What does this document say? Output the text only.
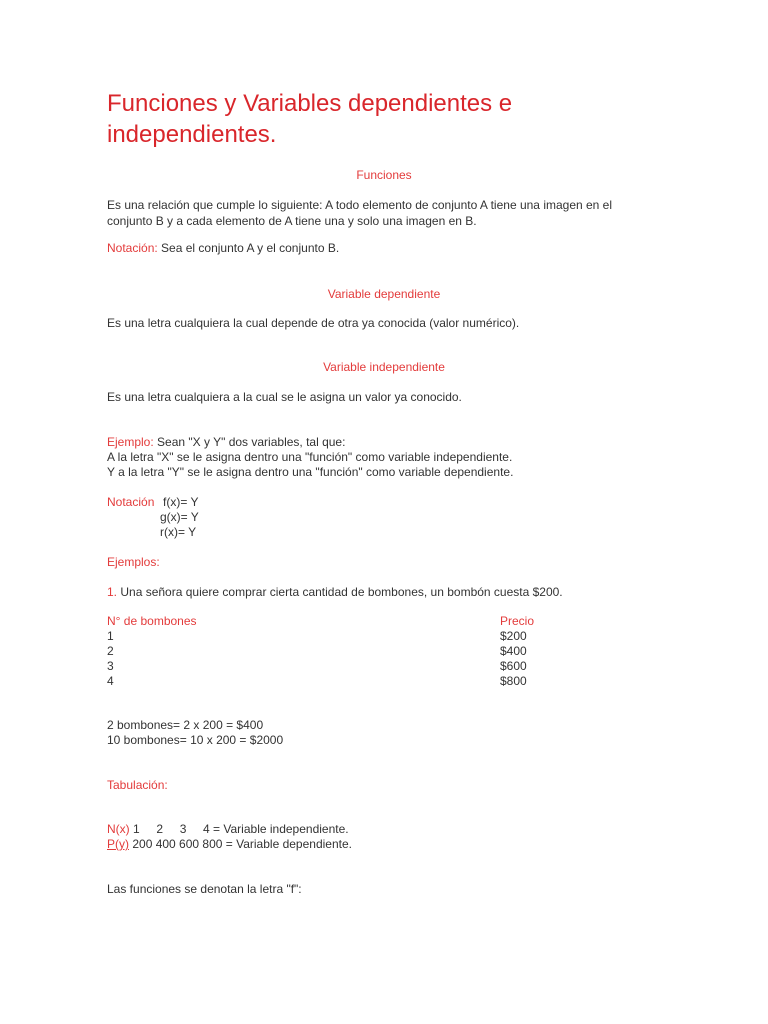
Funciones y Variables dependientes e independientes.
Funciones
Es una relación que cumple lo siguiente: A todo elemento de conjunto A tiene una imagen en el conjunto B y a cada elemento de A tiene una y solo una imagen en B.
Notación: Sea el conjunto A y el conjunto B.
Variable dependiente
Es una letra cualquiera la cual depende de otra ya conocida (valor numérico).
Variable independiente
Es una letra cualquiera a la cual se le asigna un valor ya conocido.
Ejemplo: Sean "X y Y" dos variables, tal que:
A la letra "X" se le asigna dentro una "función" como variable independiente.
Y a la letra "Y" se le asigna dentro una "función" como variable dependiente.
Notación f(x)= Y
g(x)= Y
r(x)= Y
Ejemplos:
1. Una señora quiere comprar cierta cantidad de bombones, un bombón cuesta $200.
N° de bombones	Precio
1	$200
2	$400
3	$600
4	$800
2 bombones= 2 x 200 = $400
10 bombones= 10 x 200 = $2000
Tabulación:
N(x) 1     2     3     4 = Variable independiente.
P(y) 200 400 600 800 = Variable dependiente.
Las funciones se denotan la letra "f":
